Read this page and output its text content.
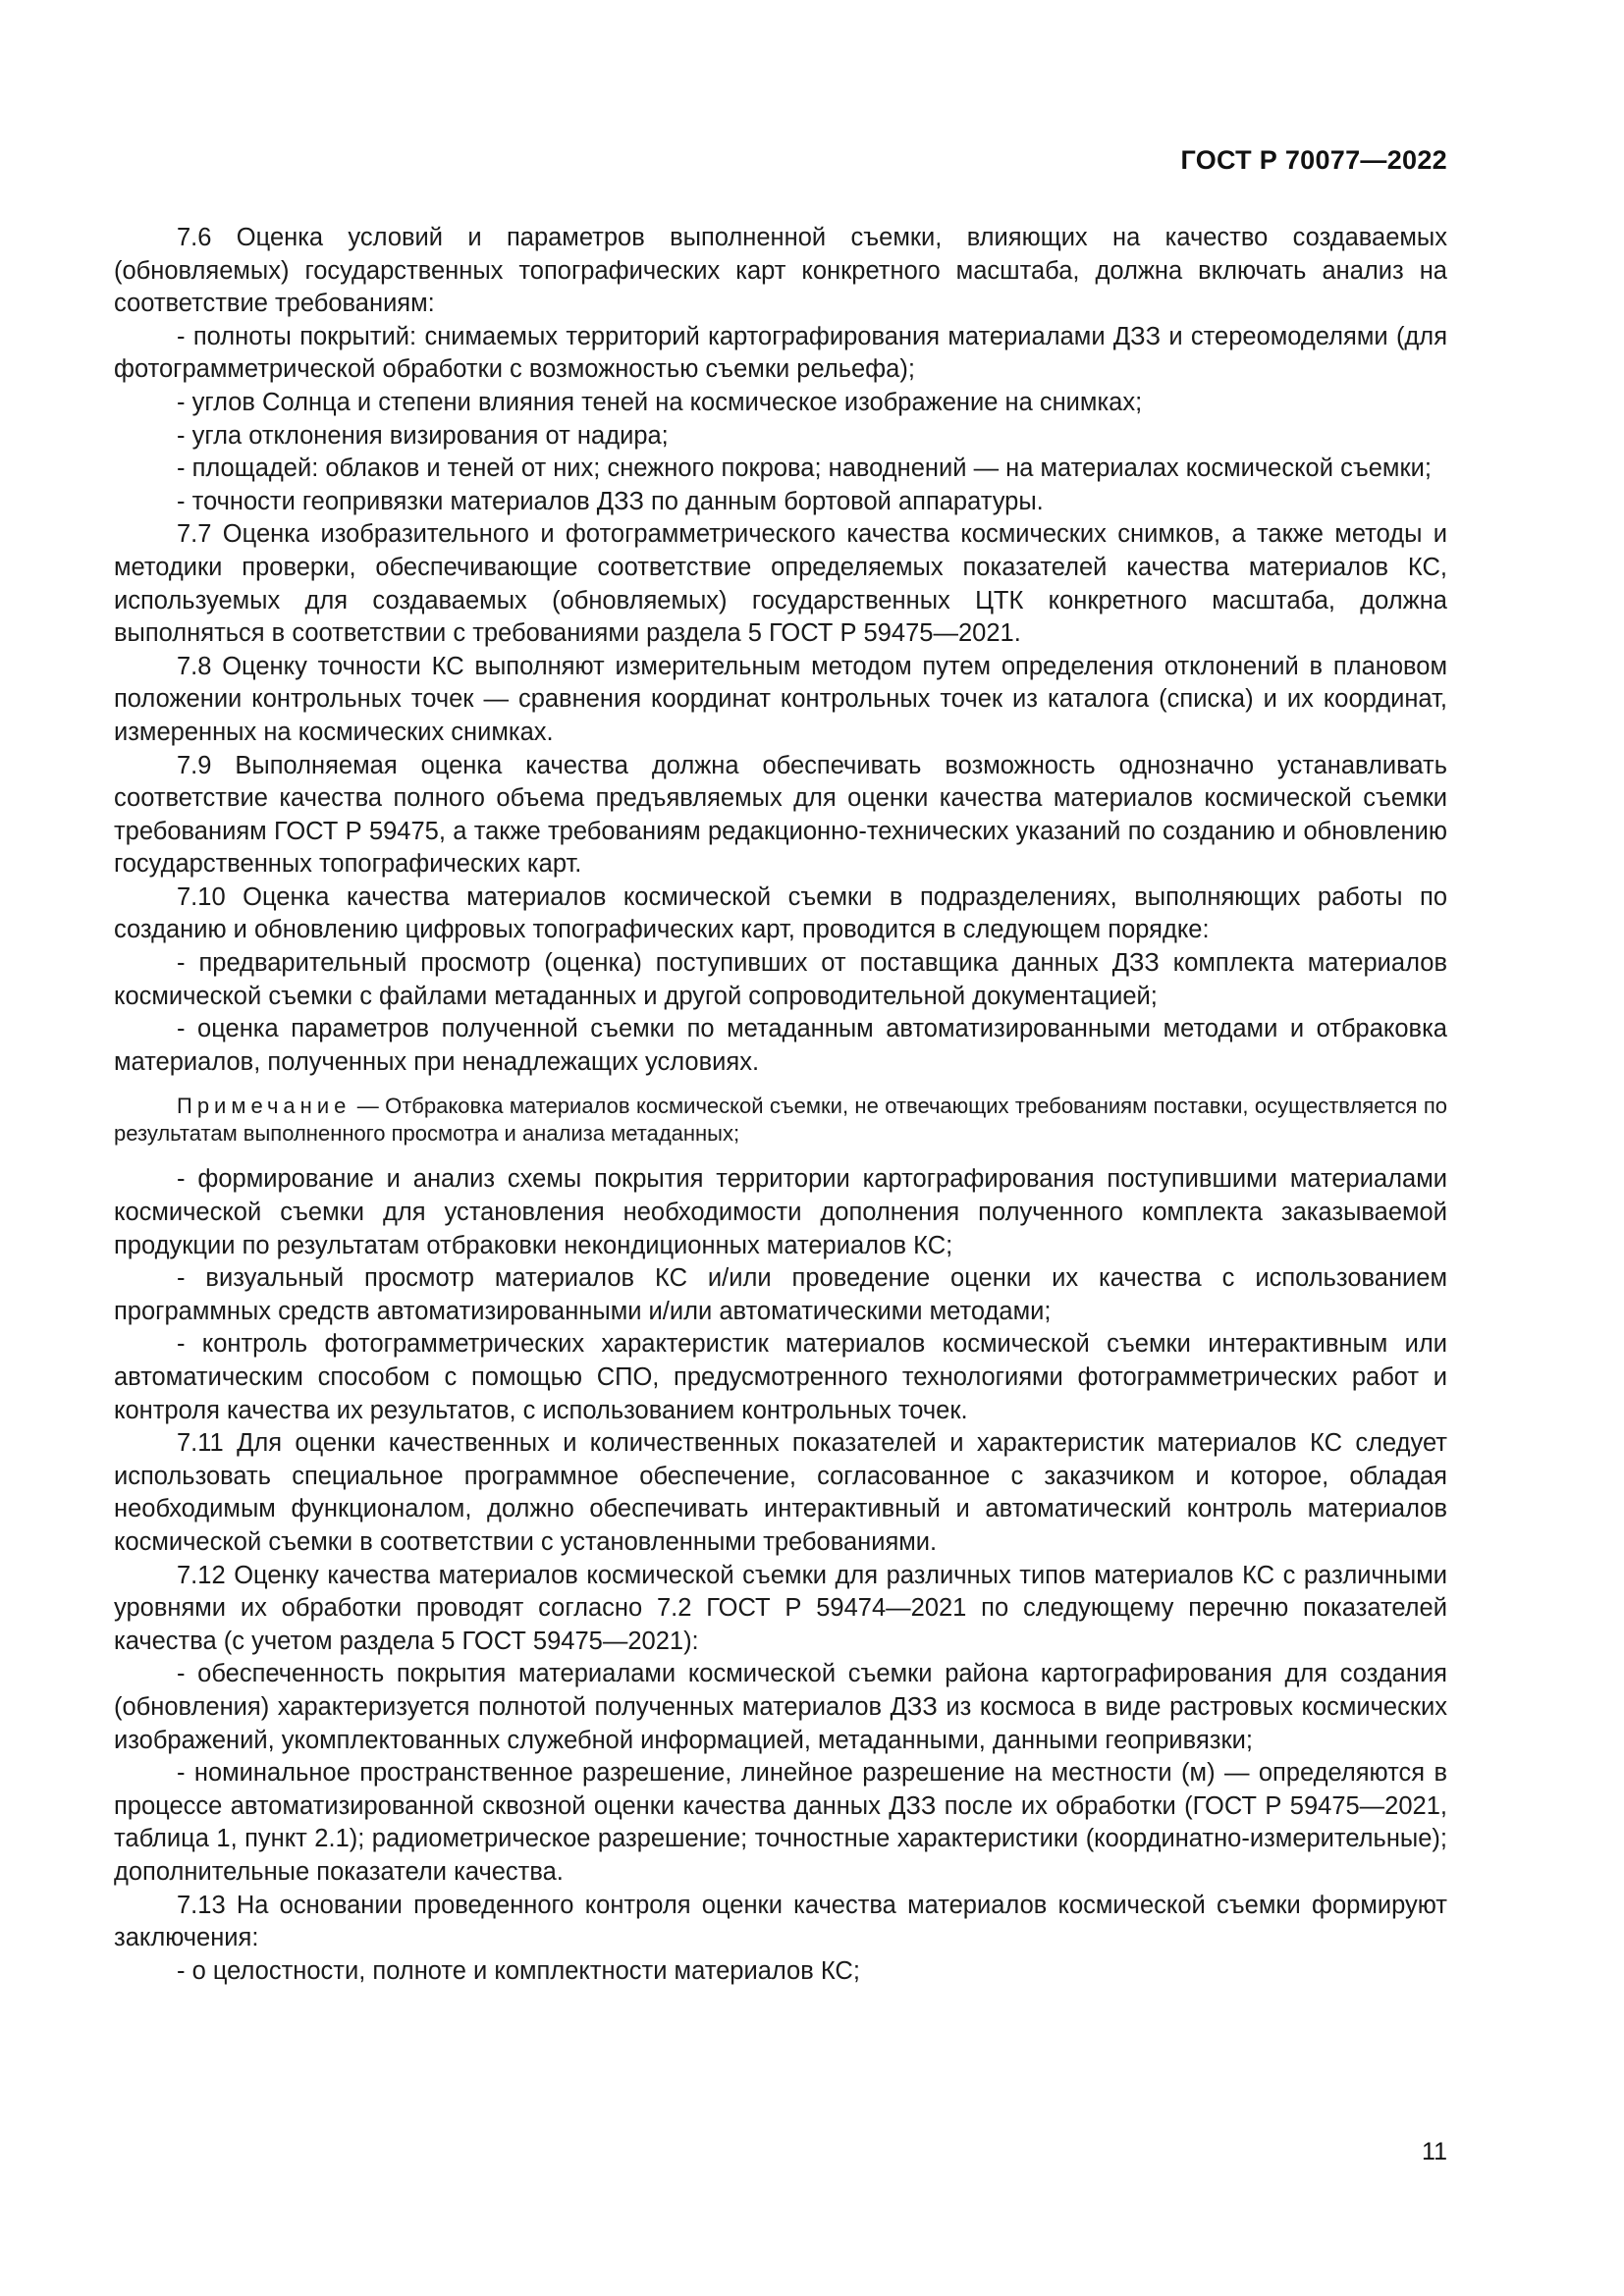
ГОСТ Р 70077—2022

7.6 Оценка условий и параметров выполненной съемки, влияющих на качество создаваемых (обновляемых) государственных топографических карт конкретного масштаба, должна включать анализ на соответствие требованиям:

- полноты покрытий: снимаемых территорий картографирования материалами ДЗЗ и стереомоделями (для фотограмметрической обработки с возможностью съемки рельефа);

- углов Солнца и степени влияния теней на космическое изображение на снимках;

- угла отклонения визирования от надира;

- площадей: облаков и теней от них; снежного покрова; наводнений — на материалах космической съемки;

- точности геопривязки материалов ДЗЗ по данным бортовой аппаратуры.

7.7 Оценка изобразительного и фотограмметрического качества космических снимков, а также методы и методики проверки, обеспечивающие соответствие определяемых показателей качества материалов КС, используемых для создаваемых (обновляемых) государственных ЦТК конкретного масштаба, должна выполняться в соответствии с требованиями раздела 5 ГОСТ Р 59475—2021.

7.8 Оценку точности КС выполняют измерительным методом путем определения отклонений в плановом положении контрольных точек — сравнения координат контрольных точек из каталога (списка) и их координат, измеренных на космических снимках.

7.9 Выполняемая оценка качества должна обеспечивать возможность однозначно устанавливать соответствие качества полного объема предъявляемых для оценки качества материалов космической съемки требованиям ГОСТ Р 59475, а также требованиям редакционно-технических указаний по созданию и обновлению государственных топографических карт.

7.10 Оценка качества материалов космической съемки в подразделениях, выполняющих работы по созданию и обновлению цифровых топографических карт, проводится в следующем порядке:

- предварительный просмотр (оценка) поступивших от поставщика данных ДЗЗ комплекта материалов космической съемки с файлами метаданных и другой сопроводительной документацией;

- оценка параметров полученной съемки по метаданным автоматизированными методами и отбраковка материалов, полученных при ненадлежащих условиях.

Примечание — Отбраковка материалов космической съемки, не отвечающих требованиям поставки, осуществляется по результатам выполненного просмотра и анализа метаданных;

- формирование и анализ схемы покрытия территории картографирования поступившими материалами космической съемки для установления необходимости дополнения полученного комплекта заказываемой продукции по результатам отбраковки некондиционных материалов КС;

- визуальный просмотр материалов КС и/или проведение оценки их качества с использованием программных средств автоматизированными и/или автоматическими методами;

- контроль фотограмметрических характеристик материалов космической съемки интерактивным или автоматическим способом с помощью СПО, предусмотренного технологиями фотограмметрических работ и контроля качества их результатов, с использованием контрольных точек.

7.11 Для оценки качественных и количественных показателей и характеристик материалов КС следует использовать специальное программное обеспечение, согласованное с заказчиком и которое, обладая необходимым функционалом, должно обеспечивать интерактивный и автоматический контроль материалов космической съемки в соответствии с установленными требованиями.

7.12 Оценку качества материалов космической съемки для различных типов материалов КС с различными уровнями их обработки проводят согласно 7.2 ГОСТ Р 59474—2021 по следующему перечню показателей качества (с учетом раздела 5 ГОСТ 59475—2021):

- обеспеченность покрытия материалами космической съемки района картографирования для создания (обновления) характеризуется полнотой полученных материалов ДЗЗ из космоса в виде растровых космических изображений, укомплектованных служебной информацией, метаданными, данными геопривязки;

- номинальное пространственное разрешение, линейное разрешение на местности (м) — определяются в процессе автоматизированной сквозной оценки качества данных ДЗЗ после их обработки (ГОСТ Р 59475—2021, таблица 1, пункт 2.1); радиометрическое разрешение; точностные характеристики (координатно-измерительные); дополнительные показатели качества.

7.13 На основании проведенного контроля оценки качества материалов космической съемки формируют заключения:

- о целостности, полноте и комплектности материалов КС;

11
